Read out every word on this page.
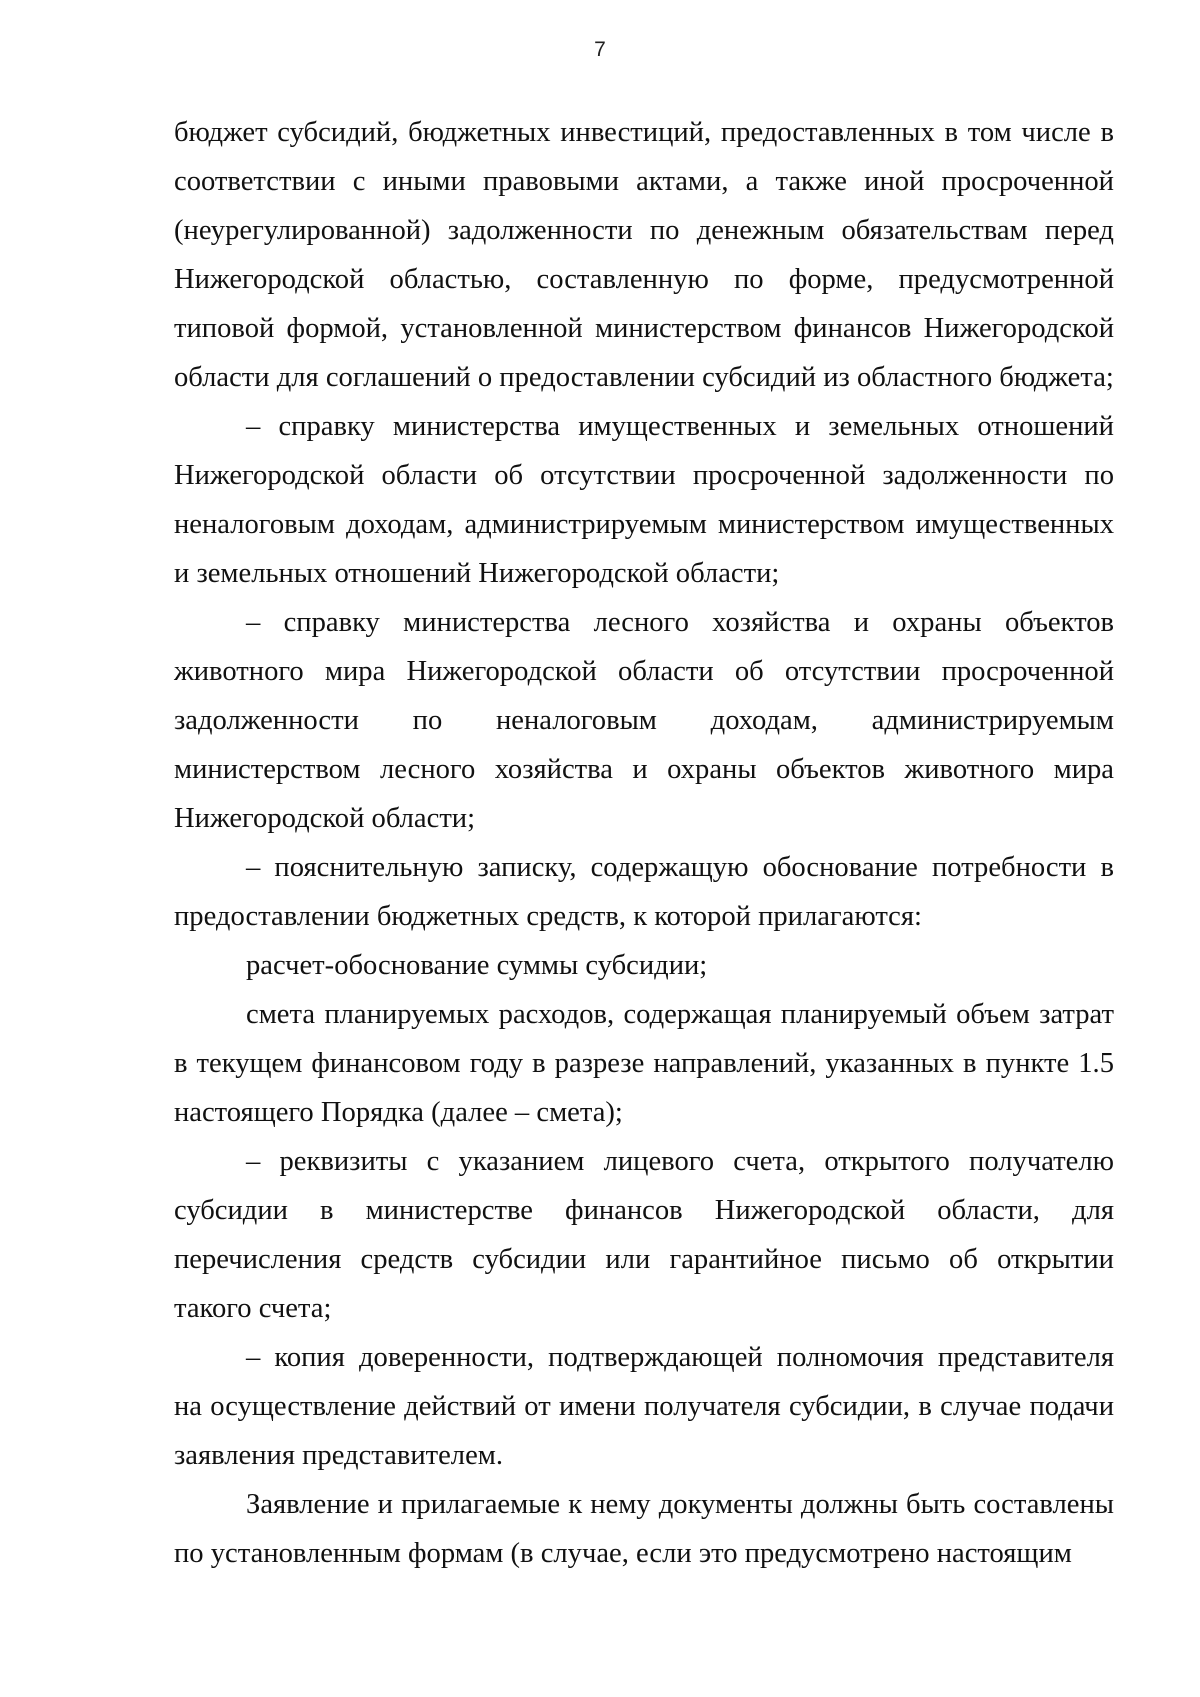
7

бюджет субсидий, бюджетных инвестиций, предоставленных в том числе в соответствии с иными правовыми актами, а также иной просроченной (неурегулированной) задолженности по денежным обязательствам перед Нижегородской областью, составленную по форме, предусмотренной типовой формой, установленной министерством финансов Нижегородской области для соглашений о предоставлении субсидий из областного бюджета;

– справку министерства имущественных и земельных отношений Нижегородской области об отсутствии просроченной задолженности по неналоговым доходам, администрируемым министерством имущественных и земельных отношений Нижегородской области;

– справку министерства лесного хозяйства и охраны объектов животного мира Нижегородской области об отсутствии просроченной задолженности по неналоговым доходам, администрируемым министерством лесного хозяйства и охраны объектов животного мира Нижегородской области;

– пояснительную записку, содержащую обоснование потребности в предоставлении бюджетных средств, к которой прилагаются:

расчет-обоснование суммы субсидии;

смета планируемых расходов, содержащая планируемый объем затрат в текущем финансовом году в разрезе направлений, указанных в пункте 1.5 настоящего Порядка (далее – смета);

– реквизиты с указанием лицевого счета, открытого получателю субсидии в министерстве финансов Нижегородской области, для перечисления средств субсидии или гарантийное письмо об открытии такого счета;

– копия доверенности, подтверждающей полномочия представителя на осуществление действий от имени получателя субсидии, в случае подачи заявления представителем.

Заявление и прилагаемые к нему документы должны быть составлены по установленным формам (в случае, если это предусмотрено настоящим
